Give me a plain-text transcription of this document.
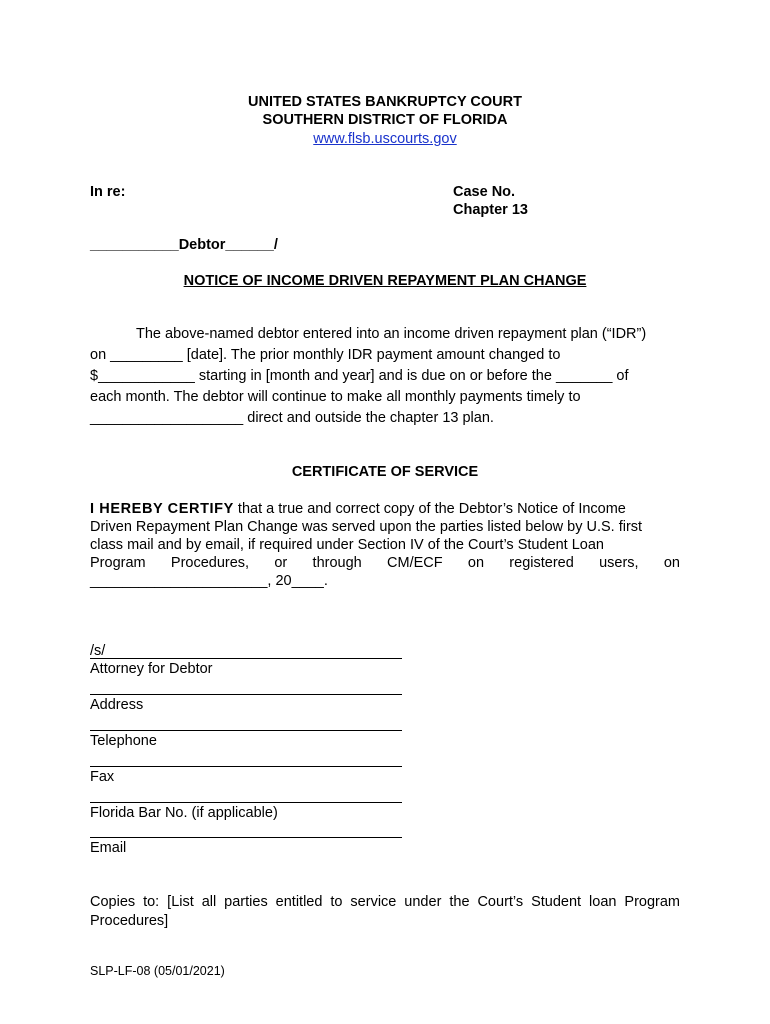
UNITED STATES BANKRUPTCY COURT
SOUTHERN DISTRICT OF FLORIDA
www.flsb.uscourts.gov
In re:	Case No.
Chapter 13
___________Debtor______/
NOTICE OF INCOME DRIVEN REPAYMENT PLAN CHANGE
The above-named debtor entered into an income driven repayment plan (“IDR”)
on _________ [date]. The prior monthly IDR payment amount changed to
$____________ starting in [month and year] and is due on or before the _______ of
each month. The debtor will continue to make all monthly payments timely to
___________________ direct and outside the chapter 13 plan.
CERTIFICATE OF SERVICE
I HEREBY CERTIFY that a true and correct copy of the Debtor’s Notice of Income
Driven Repayment Plan Change was served upon the parties listed below by U.S. first
class mail and by email, if required under Section IV of the Court’s Student Loan
Program Procedures, or through CM/ECF on registered users, on
______________________, 20____.
/s/
Attorney for Debtor
Address
Telephone
Fax
Florida Bar No. (if applicable)
Email
Copies to: [List all parties entitled to service under the Court’s Student loan Program
Procedures]
SLP-LF-08 (05/01/2021)
